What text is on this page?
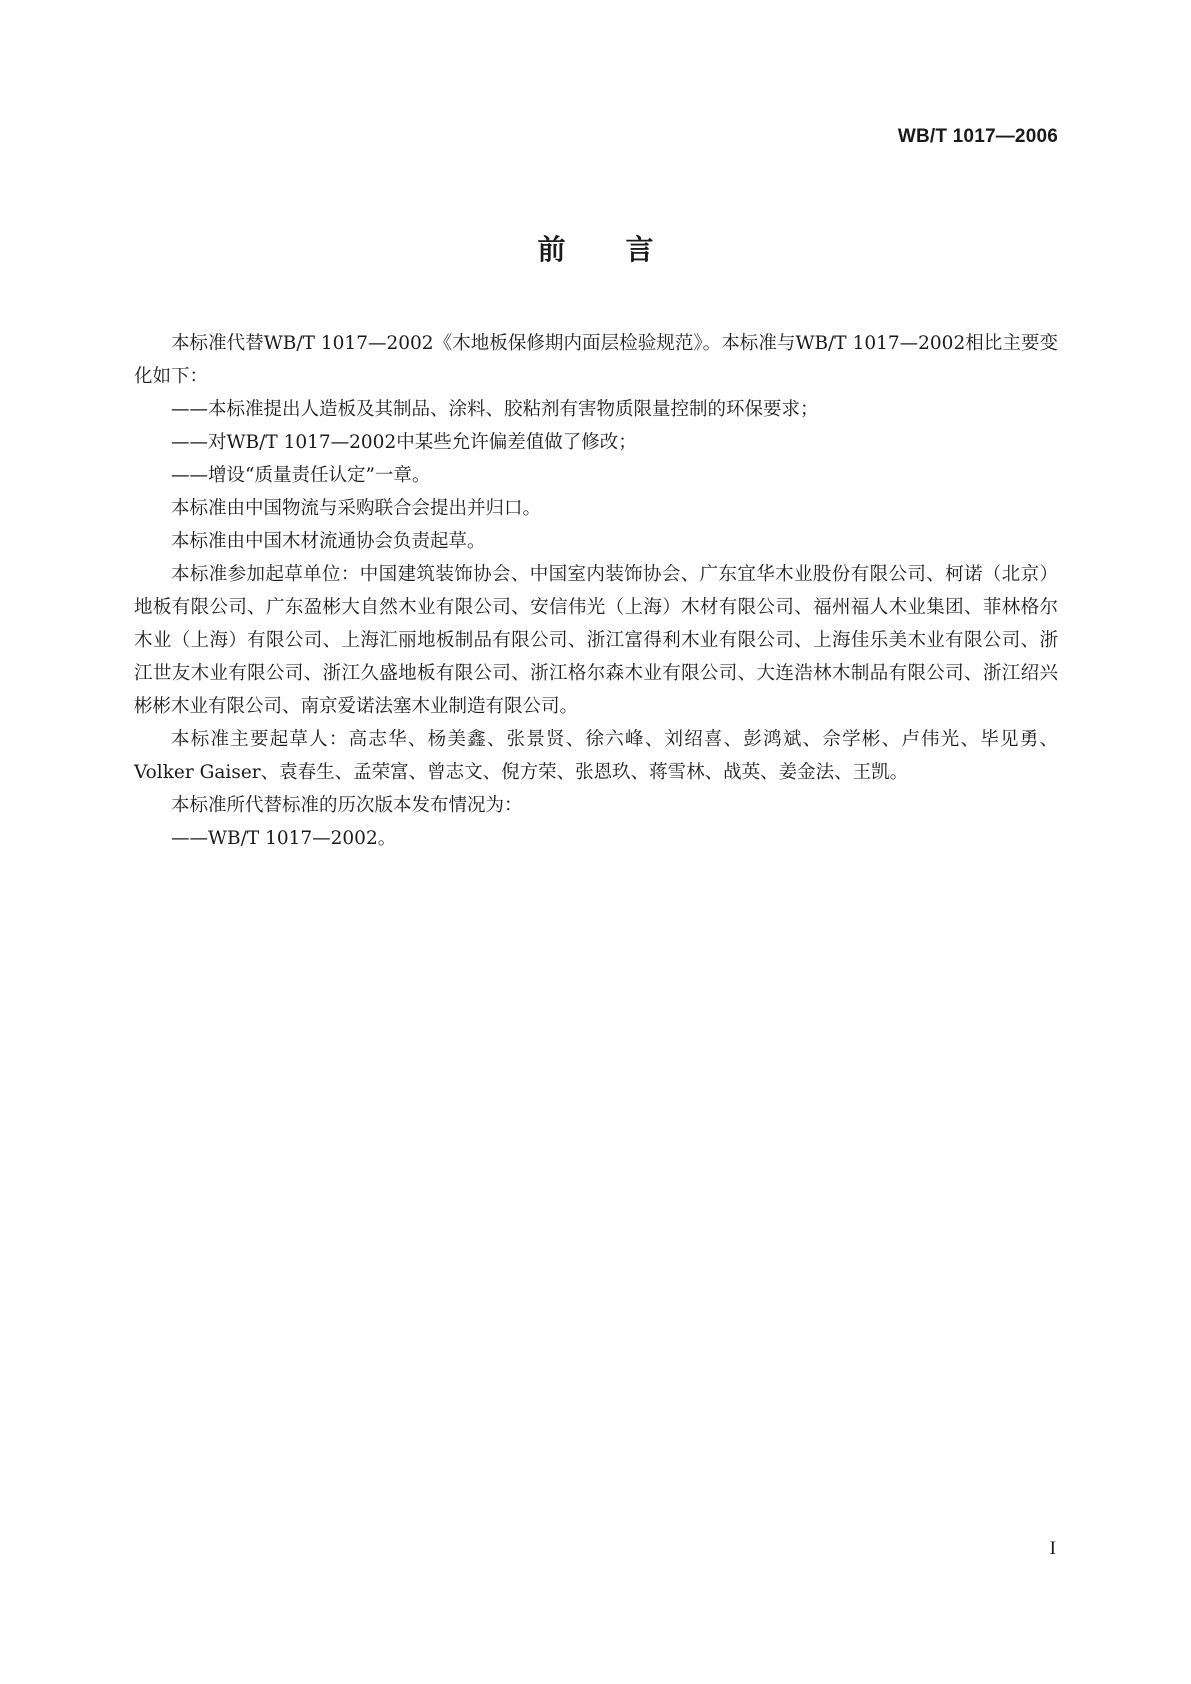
WB/T 1017—2006
前言

本标准代替WB/T 1017—2002《木地板保修期内面层检验规范》。本标准与WB/T 1017—2002相比主要变化如下：

——本标准提出人造板及其制品、涂料、胶粘剂有害物质限量控制的环保要求；

——对WB/T 1017—2002中某些允许偏差值做了修改；

——增设“质量责任认定”一章。

本标准由中国物流与采购联合会提出并归口。

本标准由中国木材流通协会负责起草。

本标准参加起草单位：中国建筑装饰协会、中国室内装饰协会、广东宜华木业股份有限公司、柯诺（北京）地板有限公司、广东盈彬大自然木业有限公司、安信伟光（上海）木材有限公司、福州福人木业集团、菲林格尔木业（上海）有限公司、上海汇丽地板制品有限公司、浙江富得利木业有限公司、上海佳乐美木业有限公司、浙江世友木业有限公司、浙江久盛地板有限公司、浙江格尔森木业有限公司、大连浩林木制品有限公司、浙江绍兴彬彬木业有限公司、南京爱诺法塞木业制造有限公司。

本标准主要起草人：高志华、杨美鑫、张景贤、徐六峰、刘绍喜、彭鸿斌、佘学彬、卢伟光、毕见勇、Volker Gaiser、袁春生、孟荣富、曾志文、倪方荣、张恩玖、蒋雪林、战英、姜金法、王凯。

本标准所代替标准的历次版本发布情况为：

——WB/T 1017—2002。

I
